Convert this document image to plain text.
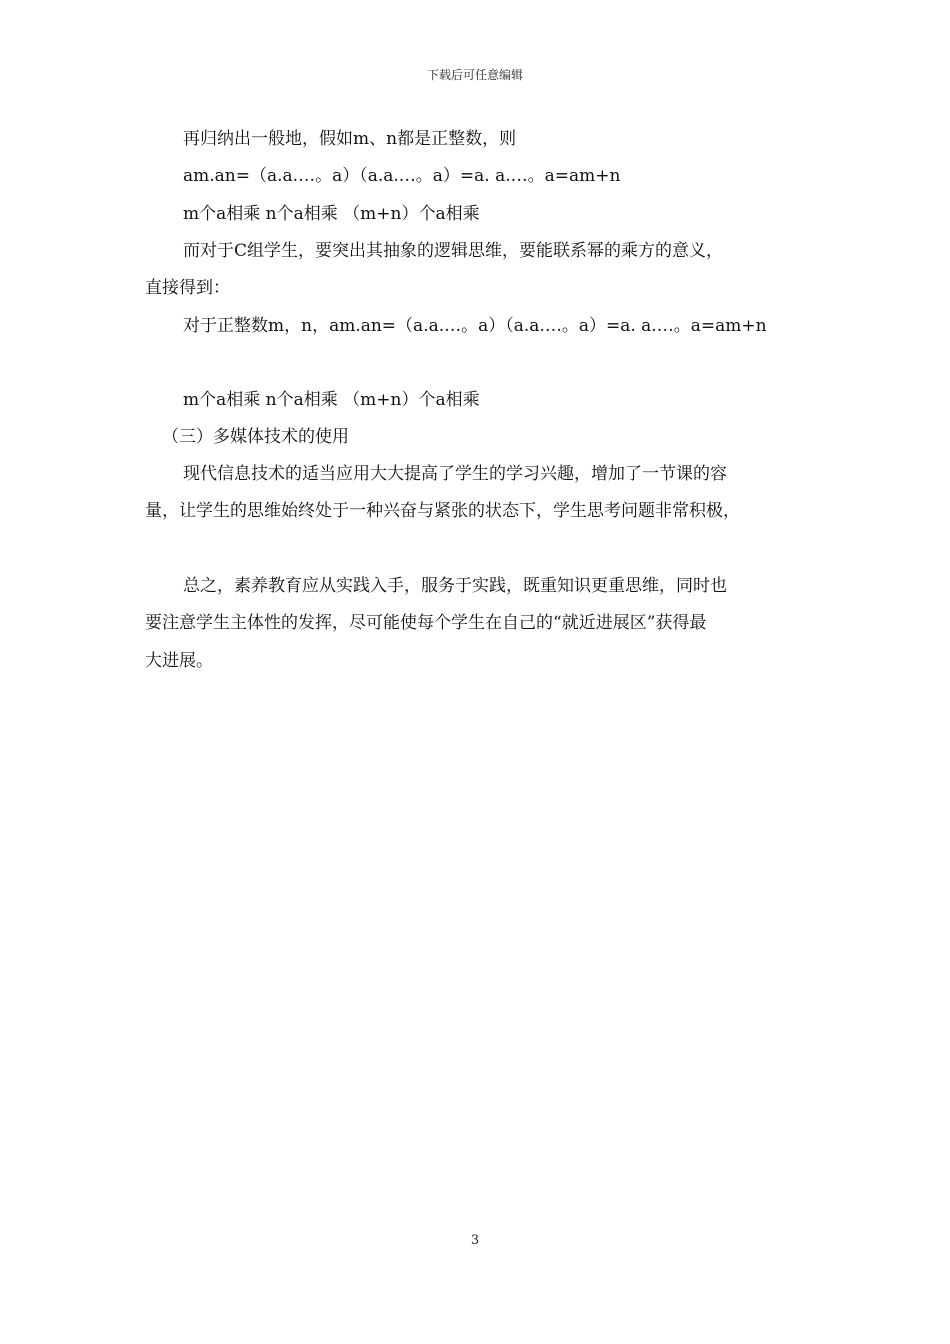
下载后可任意编辑
再归纳出一般地，假如m、n都是正整数，则
am.an=（a.a.…。a）（a.a.…。a）=a. a.…。a=am+n
m个a相乘 n个a相乘 （m+n）个a相乘
而对于C组学生，要突出其抽象的逻辑思维，要能联系幂的乘方的意义，
直接得到：
对于正整数m，n，am.an=（a.a.…。a）（a.a.…。a）=a. a.…。a=am+n
m个a相乘 n个a相乘 （m+n）个a相乘
（三）多媒体技术的使用
现代信息技术的适当应用大大提高了学生的学习兴趣，增加了一节课的容
量，让学生的思维始终处于一种兴奋与紧张的状态下，学生思考问题非常积极，
总之，素养教育应从实践入手，服务于实践，既重知识更重思维，同时也
要注意学生主体性的发挥，尽可能使每个学生在自己的“就近进展区”获得最
大进展。
3
